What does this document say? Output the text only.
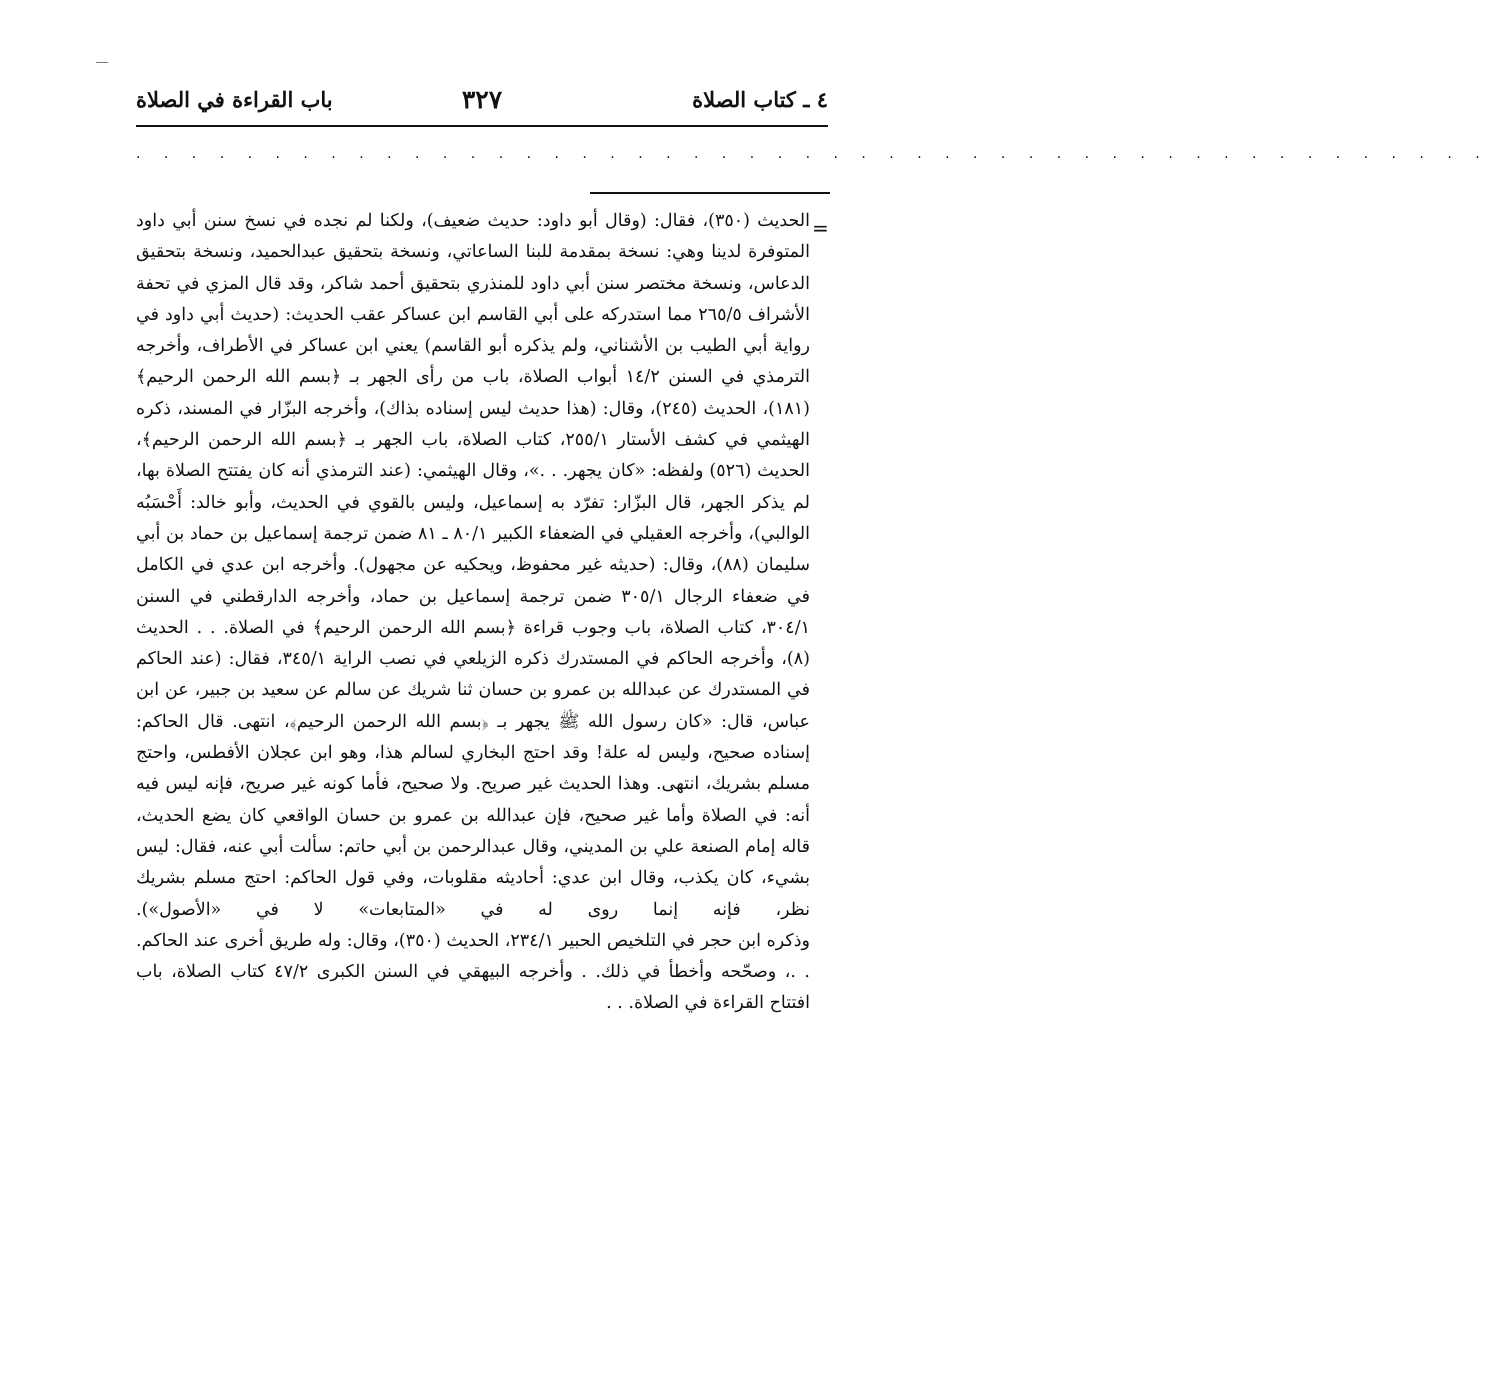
٤ ـ كتاب الصلاة
٣٢٧
باب القراءة في الصلاة
. . . . . . . . . . . . . . . . . . . . . . . . . . . . . . . . . . . . . . . . . . . . . . . . .
=
الحديث (٣٥٠)، فقال: (وقال أبو داود: حديث ضعيف)، ولكنا لم نجده في نسخ سنن أبي داود المتوفرة لدينا وهي: نسخة بمقدمة للبنا الساعاتي، ونسخة بتحقيق عبدالحميد، ونسخة بتحقيق الدعاس، ونسخة مختصر سنن أبي داود للمنذري بتحقيق أحمد شاكر، وقد قال المزي في تحفة الأشراف ٢٦٥/٥ مما استدركه على أبي القاسم ابن عساكر عقب الحديث: (حديث أبي داود في رواية أبي الطيب بن الأشناني، ولم يذكره أبو القاسم) يعني ابن عساكر في الأطراف، وأخرجه الترمذي في السنن ١٤/٢ أبواب الصلاة، باب من رأى الجهر بـ ﴿بسم الله الرحمن الرحيم﴾ (١٨١)، الحديث (٢٤٥)، وقال: (هذا حديث ليس إسناده بذاك)، وأخرجه البزّار في المسند، ذكره الهيثمي في كشف الأستار ٢٥٥/١، كتاب الصلاة، باب الجهر بـ ﴿بسم الله الرحمن الرحيم﴾، الحديث (٥٢٦) ولفظه: «كان يجهر. . .»، وقال الهيثمي: (عند الترمذي أنه كان يفتتح الصلاة بها، لم يذكر الجهر، قال البزّار: تفرّد به إسماعيل، وليس بالقوي في الحديث، وأبو خالد: أَحْسَبُه الوالبي)، وأخرجه العقيلي في الضعفاء الكبير ٨٠/١ ـ ٨١ ضمن ترجمة إسماعيل بن حماد بن أبي سليمان (٨٨)، وقال: (حديثه غير محفوظ، ويحكيه عن مجهول). وأخرجه ابن عدي في الكامل في ضعفاء الرجال ٣٠٥/١ ضمن ترجمة إسماعيل بن حماد، وأخرجه الدارقطني في السنن ٣٠٤/١، كتاب الصلاة، باب وجوب قراءة ﴿بسم الله الرحمن الرحيم﴾ في الصلاة. . . الحديث (٨)، وأخرجه الحاكم في المستدرك ذكره الزيلعي في نصب الراية ٣٤٥/١، فقال: (عند الحاكم في المستدرك عن عبدالله بن عمرو بن حسان ثنا شريك عن سالم عن سعيد بن جبير، عن ابن عباس، قال: «كان رسول الله ﷺ يجهر بـ ﴿بسم الله الرحمن الرحيم﴾، انتهى. قال الحاكم: إسناده صحيح، وليس له علة! وقد احتج البخاري لسالم هذا، وهو ابن عجلان الأفطس، واحتج مسلم بشريك، انتهى. وهذا الحديث غير صريح. ولا صحيح، فأما كونه غير صريح، فإنه ليس فيه أنه: في الصلاة وأما غير صحيح، فإن عبدالله بن عمرو بن حسان الواقعي كان يضع الحديث، قاله إمام الصنعة علي بن المديني، وقال عبدالرحمن بن أبي حاتم: سألت أبي عنه، فقال: ليس بشيء، كان يكذب، وقال ابن عدي: أحاديثه مقلوبات، وفي قول الحاكم: احتج مسلم بشريك نظر، فإنه إنما روى له في «المتابعات» لا في «الأصول»).
وذكره ابن حجر في التلخيص الحبير ٢٣٤/١، الحديث (٣٥٠)، وقال: وله طريق أخرى عند الحاكم. . .، وصحّحه وأخطأ في ذلك. . وأخرجه البيهقي في السنن الكبرى ٤٧/٢ كتاب الصلاة، باب افتتاح القراءة في الصلاة. . .
